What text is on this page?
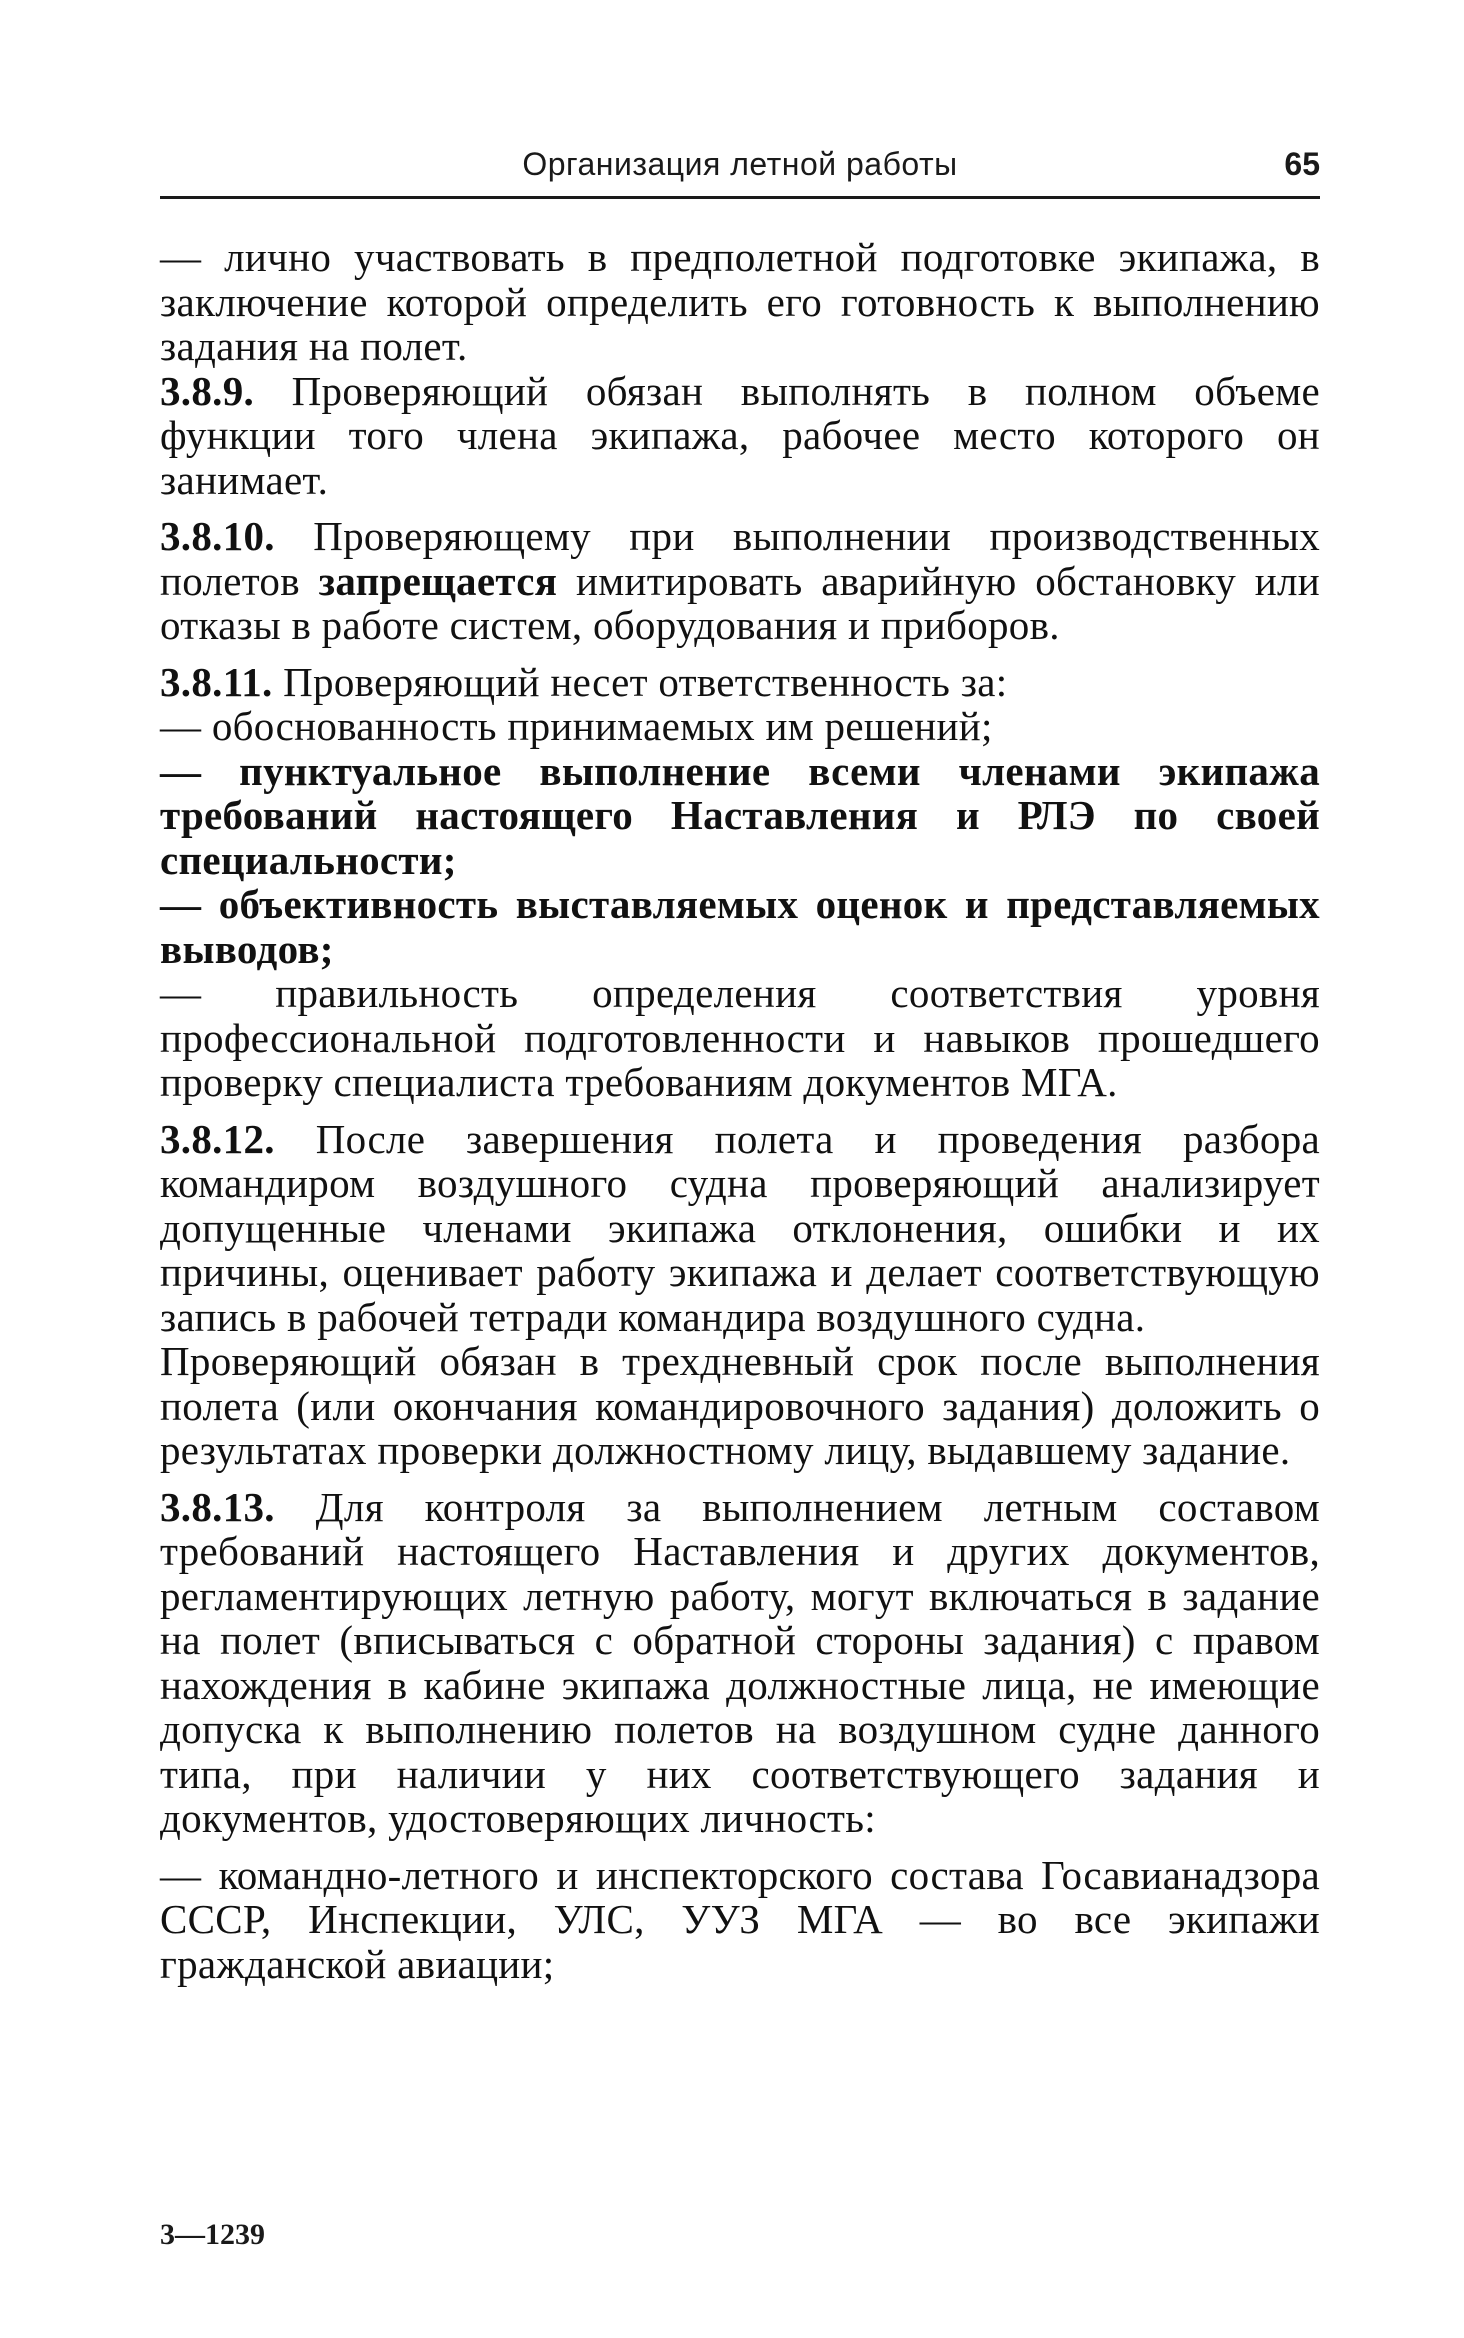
Организация летной работы	65

— лично участвовать в предполетной подготовке экипажа, в заключение которой определить его готовность к выполнению задания на полет.

3.8.9. Проверяющий обязан выполнять в полном объеме функции того члена экипажа, рабочее место которого он занимает.

3.8.10. Проверяющему при выполнении производственных полетов запрещается имитировать аварийную обстановку или отказы в работе систем, оборудования и приборов.

3.8.11. Проверяющий несет ответственность за:

— обоснованность принимаемых им решений;

— пунктуальное выполнение всеми членами экипажа требований настоящего Наставления и РЛЭ по своей специальности;

— объективность выставляемых оценок и представляемых выводов;

— правильность определения соответствия уровня профессиональной подготовленности и навыков прошедшего проверку специалиста требованиям документов МГА.

3.8.12. После завершения полета и проведения разбора командиром воздушного судна проверяющий анализирует допущенные членами экипажа отклонения, ошибки и их причины, оценивает работу экипажа и делает соответствующую запись в рабочей тетради командира воздушного судна.

Проверяющий обязан в трехдневный срок после выполнения полета (или окончания командировочного задания) доложить о результатах проверки должностному лицу, выдавшему задание.

3.8.13. Для контроля за выполнением летным составом требований настоящего Наставления и других документов, регламентирующих летную работу, могут включаться в задание на полет (вписываться с обратной стороны задания) с правом нахождения в кабине экипажа должностные лица, не имеющие допуска к выполнению полетов на воздушном судне данного типа, при наличии у них соответствующего задания и документов, удостоверяющих личность:

— командно-летного и инспекторского состава Госавианадзора СССР, Инспекции, УЛС, УУЗ МГА — во все экипажи гражданской авиации;

3—1239
